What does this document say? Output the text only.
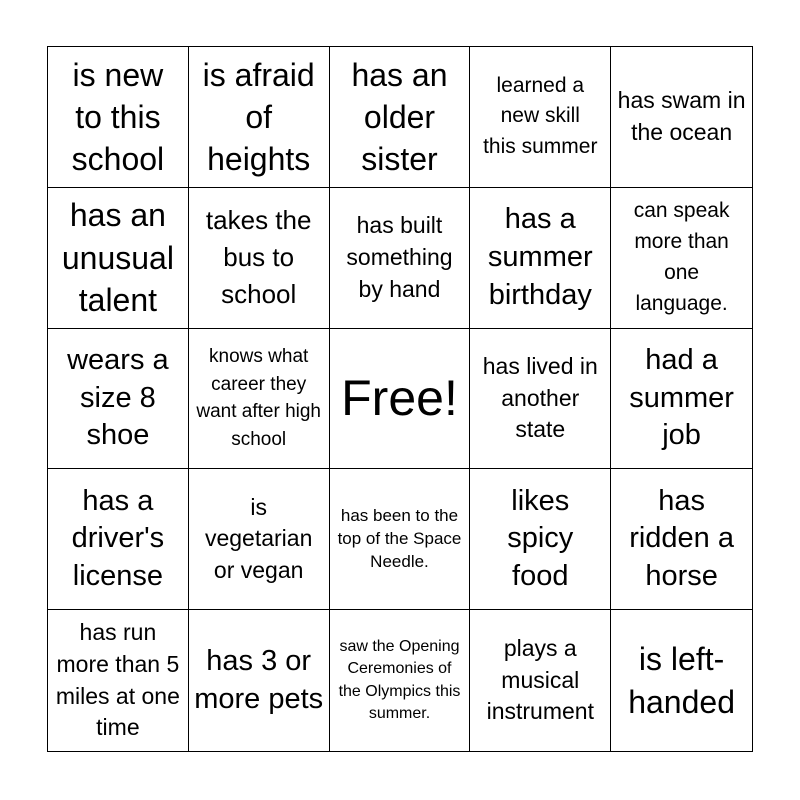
is new to this school
is afraid of heights
has an older sister
learned a new skill this summer
has swam in the ocean
has an unusual talent
takes the bus to school
has built something by hand
has a summer birthday
can speak more than one language.
wears a size 8 shoe
knows what career they want after high school
Free!
has lived in another state
had a summer job
has a driver's license
is vegetarian or vegan
has been to the top of the Space Needle.
likes spicy food
has ridden a horse
has run more than 5 miles at one time
has 3 or more pets
saw the Opening Ceremonies of the Olympics this summer.
plays a musical instrument
is left-handed
